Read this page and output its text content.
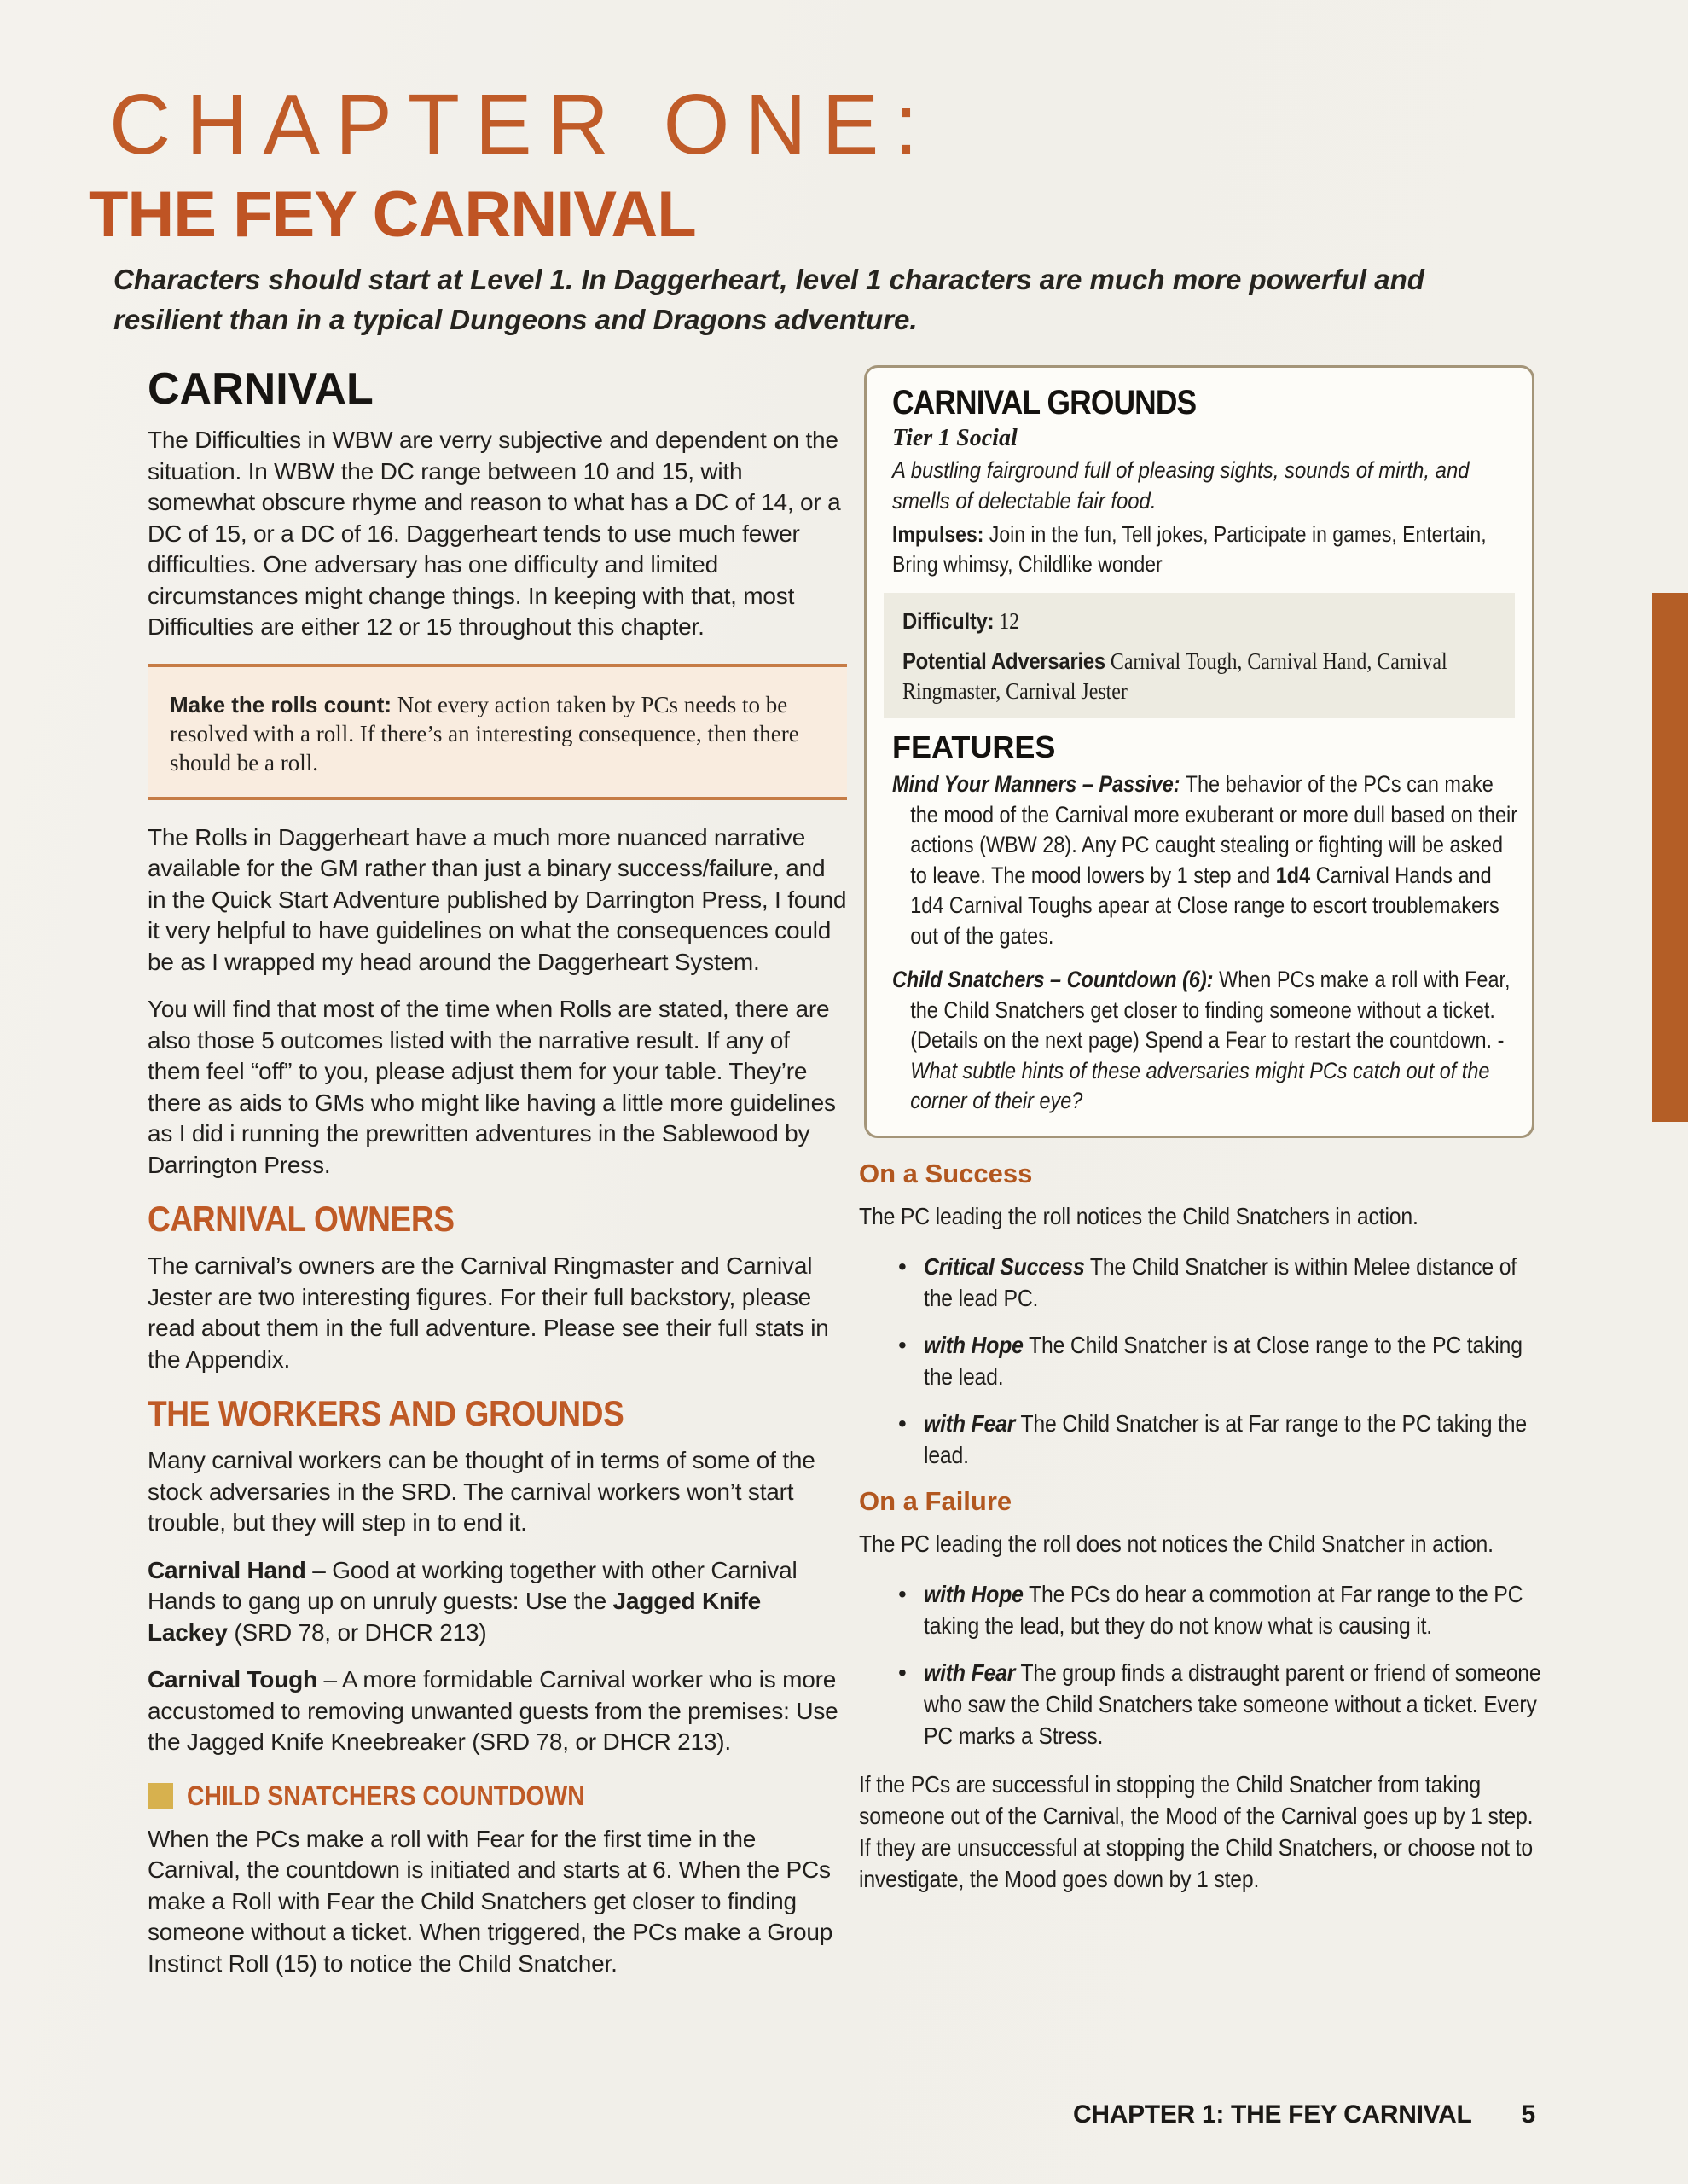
CHAPTER ONE:
THE FEY CARNIVAL
Characters should start at Level 1. In Daggerheart, level 1 characters are much more powerful and resilient than in a typical Dungeons and Dragons adventure.
CARNIVAL

The Difficulties in WBW are verry subjective and dependent on the situation. In WBW the DC range between 10 and 15, with somewhat obscure rhyme and reason to what has a DC of 14, or a DC of 15, or a DC of 16. Daggerheart tends to use much fewer difficulties. One adversary has one difficulty and limited circumstances might change things. In keeping with that, most Difficulties are either 12 or 15 throughout this chapter.

Make the rolls count: Not every action taken by PCs needs to be resolved with a roll. If there’s an interesting consequence, then there should be a roll.

The Rolls in Daggerheart have a much more nuanced narrative available for the GM rather than just a binary success/failure, and in the Quick Start Adventure published by Darrington Press, I found it very helpful to have guidelines on what the consequences could be as I wrapped my head around the Daggerheart System.

You will find that most of the time when Rolls are stated, there are also those 5 outcomes listed with the narrative result. If any of them feel “off” to you, please adjust them for your table. They’re there as aids to GMs who might like having a little more guidelines as I did i running the prewritten adventures in the Sablewood by Darrington Press.

CARNIVAL OWNERS

The carnival’s owners are the Carnival Ringmaster and Carnival Jester are two interesting figures. For their full backstory, please read about them in the full adventure. Please see their full stats in the Appendix.

THE WORKERS AND GROUNDS

Many carnival workers can be thought of in terms of some of the stock adversaries in the SRD. The carnival workers won’t start trouble, but they will step in to end it.

Carnival Hand – Good at working together with other Carnival Hands to gang up on unruly guests: Use the Jagged Knife Lackey (SRD 78, or DHCR 213)

Carnival Tough – A more formidable Carnival worker who is more accustomed to removing unwanted guests from the premises: Use the Jagged Knife Kneebreaker (SRD 78, or DHCR 213).

CHILD SNATCHERS COUNTDOWN

When the PCs make a roll with Fear for the first time in the Carnival, the countdown is initiated and starts at 6. When the PCs make a Roll with Fear the Child Snatchers get closer to finding someone without a ticket. When triggered, the PCs make a Group Instinct Roll (15) to notice the Child Snatcher.

CARNIVAL GROUNDS
Tier 1 Social
A bustling fairground full of pleasing sights, sounds of mirth, and smells of delectable fair food.
Impulses: Join in the fun, Tell jokes, Participate in games, Entertain, Bring whimsy, Childlike wonder

Difficulty: 12

Potential Adversaries Carnival Tough, Carnival Hand, Carnival Ringmaster, Carnival Jester

FEATURES

Mind Your Manners – Passive: The behavior of the PCs can make the mood of the Carnival more exuberant or more dull based on their actions (WBW 28). Any PC caught stealing or fighting will be asked to leave. The mood lowers by 1 step and 1d4 Carnival Hands and 1d4 Carnival Toughs apear at Close range to escort troublemakers out of the gates.

Child Snatchers – Countdown (6): When PCs make a roll with Fear, the Child Snatchers get closer to finding someone without a ticket. (Details on the next page) Spend a Fear to restart the countdown. - What subtle hints of these adversaries might PCs catch out of the corner of their eye?

On a Success

The PC leading the roll notices the Child Snatchers in action.

• Critical Success The Child Snatcher is within Melee distance of the lead PC.
• with Hope The Child Snatcher is at Close range to the PC taking the lead.
• with Fear The Child Snatcher is at Far range to the PC taking the lead.
On a Failure

The PC leading the roll does not notices the Child Snatcher in action.

• with Hope The PCs do hear a commotion at Far range to the PC taking the lead, but they do not know what is causing it.
• with Fear The group finds a distraught parent or friend of someone who saw the Child Snatchers take someone without a ticket. Every PC marks a Stress.

If the PCs are successful in stopping the Child Snatcher from taking someone out of the Carnival, the Mood of the Carnival goes up by 1 step. If they are unsuccessful at stopping the Child Snatchers, or choose not to investigate, the Mood goes down by 1 step.

CHAPTER 1: THE FEY CARNIVAL 5
